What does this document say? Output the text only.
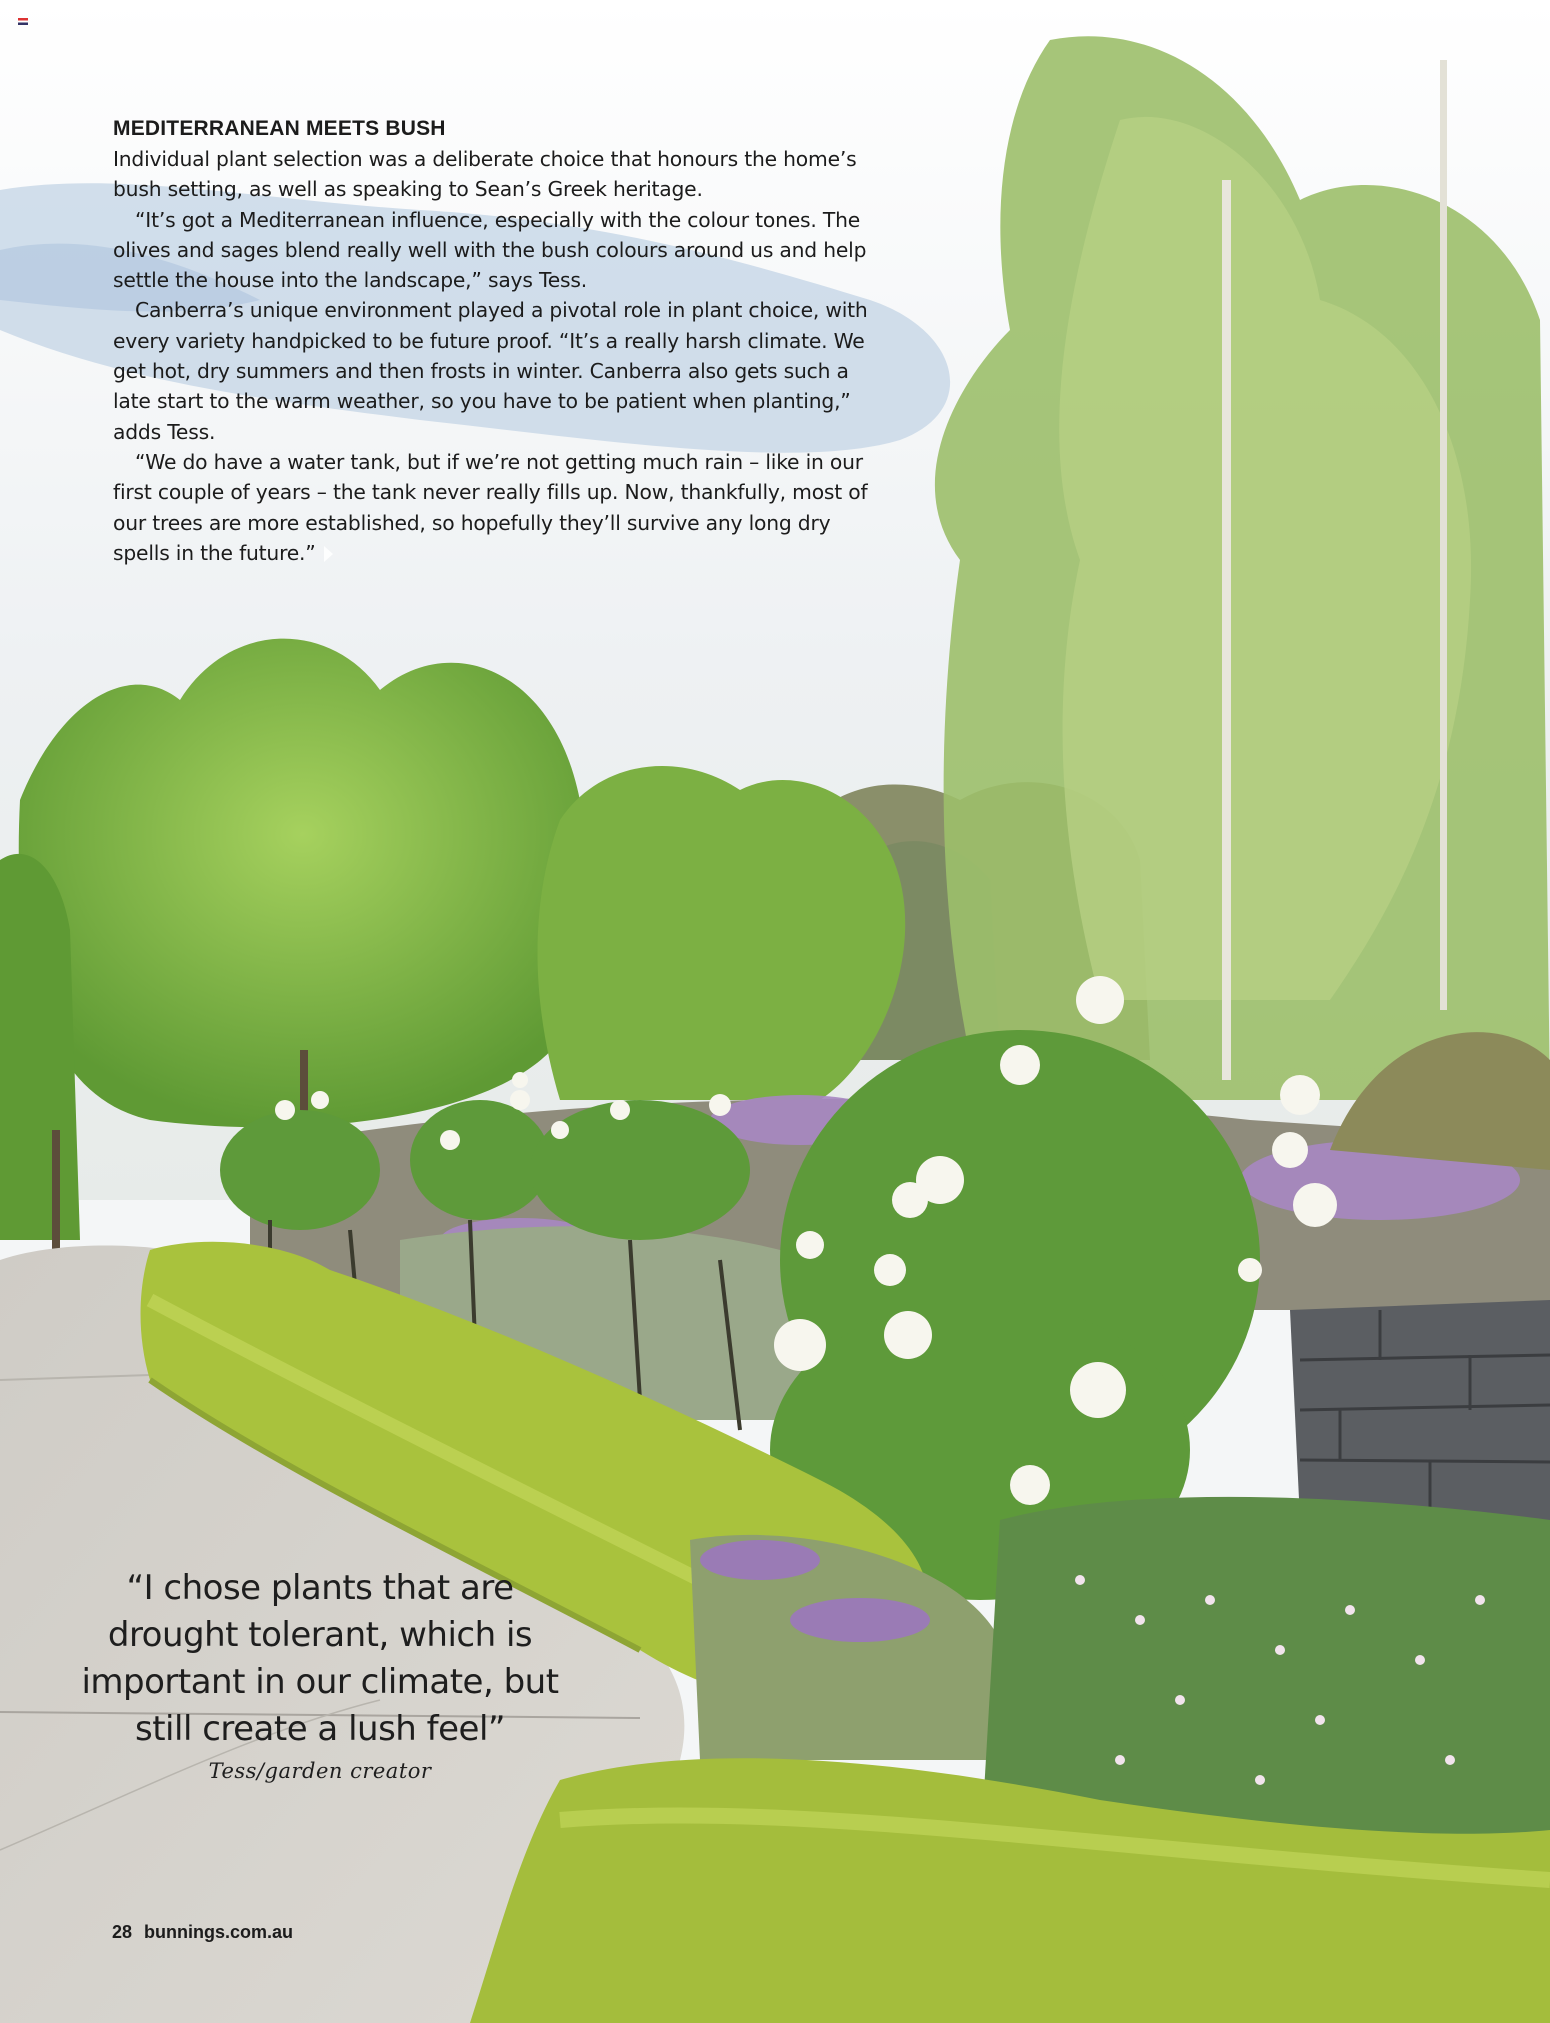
MEDITERRANEAN MEETS BUSH

Individual plant selection was a deliberate choice that honours the home’s bush setting, as well as speaking to Sean’s Greek heritage.

“It’s got a Mediterranean influence, especially with the colour tones. The olives and sages blend really well with the bush colours around us and help settle the house into the landscape,” says Tess.

Canberra’s unique environment played a pivotal role in plant choice, with every variety handpicked to be future proof. “It’s a really harsh climate. We get hot, dry summers and then frosts in winter. Canberra also gets such a late start to the warm weather, so you have to be patient when planting,” adds Tess.

“We do have a water tank, but if we’re not getting much rain – like in our first couple of years – the tank never really fills up. Now, thankfully, most of our trees are more established, so hopefully they’ll survive any long dry spells in the future.”

“I chose plants that are drought tolerant, which is important in our climate, but still create a lush feel”

Tess/garden creator
28 bunnings.com.au
